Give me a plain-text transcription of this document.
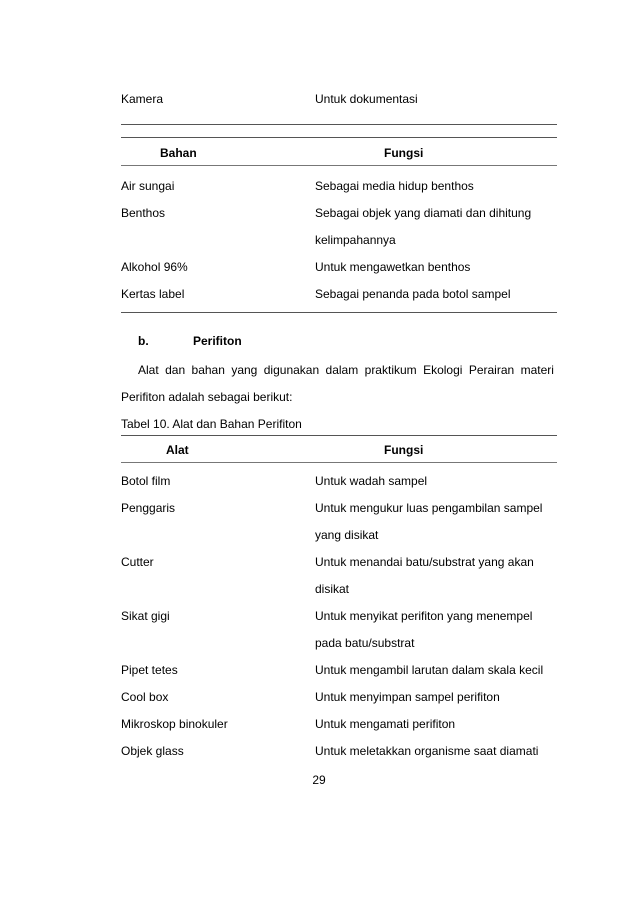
Kamera	Untuk dokumentasi
Bahan	Fungsi
Air sungai	Sebagai media hidup benthos
Benthos	Sebagai objek yang diamati dan dihitung
kelimpahannya
Alkohol 96%	Untuk mengawetkan benthos
Kertas label	Sebagai penanda pada botol sampel
b.	Perifiton
Alat dan bahan yang digunakan dalam praktikum Ekologi Perairan materi
Perifiton adalah sebagai berikut:
Tabel 10. Alat dan Bahan Perifiton
Alat	Fungsi
Botol film	Untuk wadah sampel
Penggaris	Untuk mengukur luas pengambilan sampel
yang disikat
Cutter	Untuk menandai batu/substrat yang akan
disikat
Sikat gigi	Untuk menyikat perifiton yang menempel
pada batu/substrat
Pipet tetes	Untuk mengambil larutan dalam skala kecil
Cool box	Untuk menyimpan sampel perifiton
Mikroskop binokuler	Untuk mengamati perifiton
Objek glass	Untuk meletakkan organisme saat diamati
29
